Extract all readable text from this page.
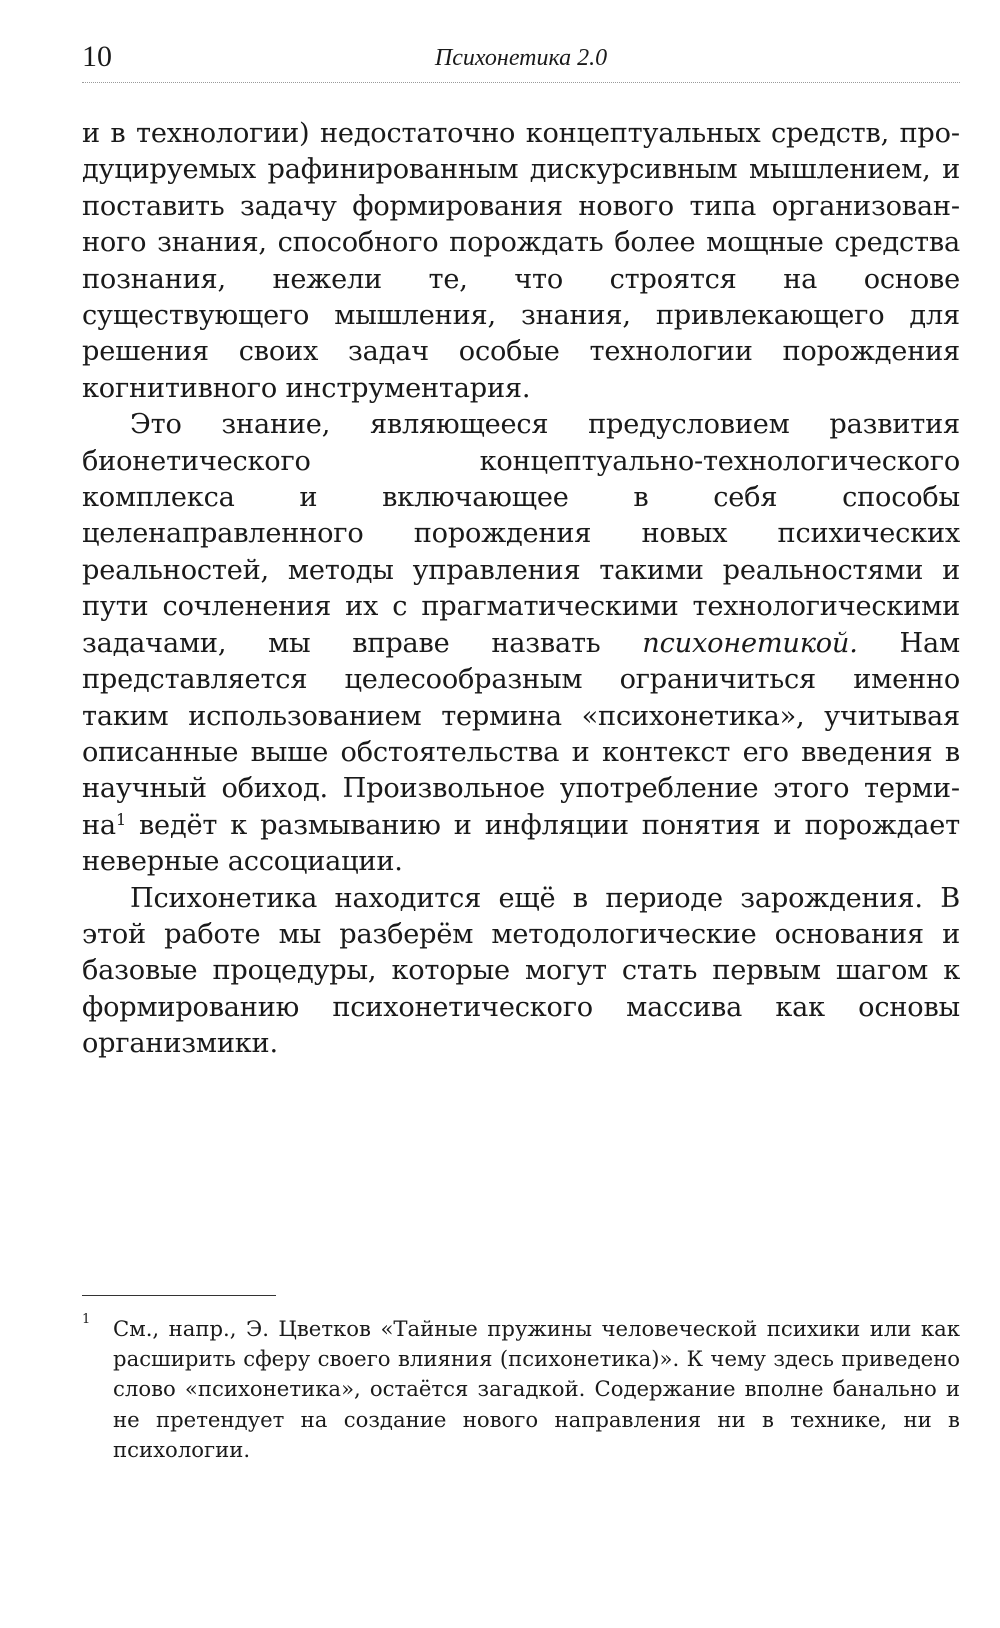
10	Психонетика 2.0

и в технологии) недостаточно концептуальных средств, продуцируемых рафинированным дискурсивным мышлением, и поставить задачу формирования нового типа организованного знания, способного порождать более мощные средства познания, нежели те, что строятся на основе существующего мышления, знания, привлекающего для решения своих задач особые технологии порождения когнитивного инструментария.

Это знание, являющееся предусловием развития бионетического концептуально-технологического комплекса и включающее в себя способы целенаправленного порождения новых психических реальностей, методы управления такими реальностями и пути сочленения их с прагматическими технологическими задачами, мы вправе назвать психонетикой. Нам представляется целесообразным ограничиться именно таким использованием термина «психонетика», учитывая описанные выше обстоятельства и контекст его введения в научный обиход. Произвольное употребление этого термина$^1$ ведёт к размыванию и инфляции понятия и порождает неверные ассоциации.

Психонетика находится ещё в периоде зарождения. В этой работе мы разберём методологические основания и базовые процедуры, которые могут стать первым шагом к формированию психонетического массива как основы организмики.

1 См., напр., Э. Цветков «Тайные пружины человеческой психики или как расширить сферу своего влияния (психонетика)». К чему здесь приведено слово «психонетика», остаётся загадкой. Содержание вполне банально и не претендует на создание нового направления ни в технике, ни в психологии.
